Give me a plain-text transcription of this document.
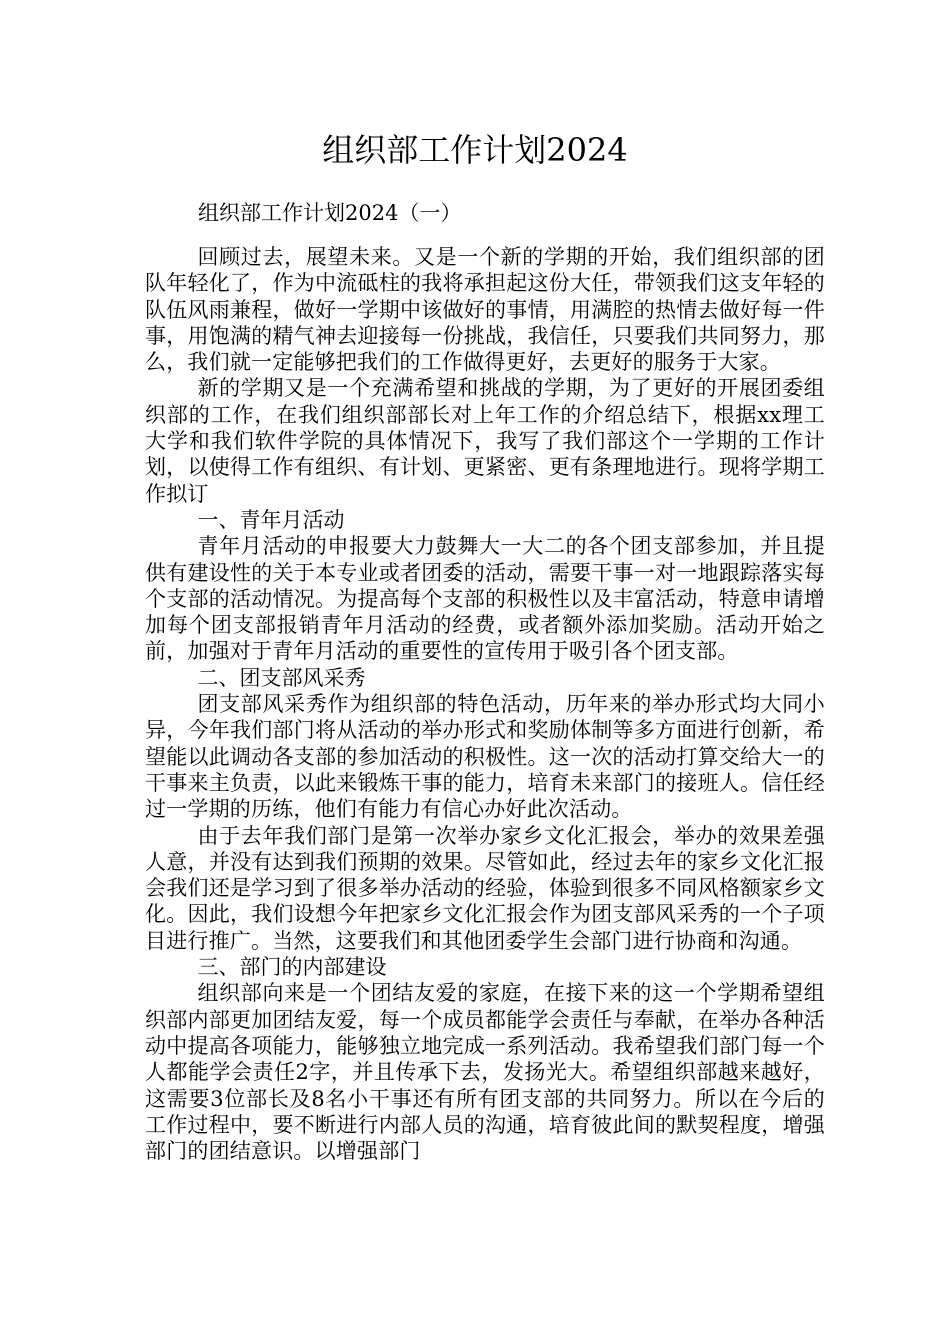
组织部工作计划2024

组织部工作计划2024（一）

回顾过去，展望未来。又是一个新的学期的开始，我们组织部的团队年轻化了，作为中流砥柱的我将承担起这份大任，带领我们这支年轻的队伍风雨兼程，做好一学期中该做好的事情，用满腔的热情去做好每一件事，用饱满的精气神去迎接每一份挑战，我信任，只要我们共同努力，那么，我们就一定能够把我们的工作做得更好，去更好的服务于大家。

新的学期又是一个充满希望和挑战的学期，为了更好的开展团委组织部的工作，在我们组织部部长对上年工作的介绍总结下，根据xx理工大学和我们软件学院的具体情况下，我写了我们部这个一学期的工作计划，以使得工作有组织、有计划、更紧密、更有条理地进行。现将学期工作拟订

一、青年月活动

青年月活动的申报要大力鼓舞大一大二的各个团支部参加，并且提供有建设性的关于本专业或者团委的活动，需要干事一对一地跟踪落实每个支部的活动情况。为提高每个支部的积极性以及丰富活动，特意申请增加每个团支部报销青年月活动的经费，或者额外添加奖励。活动开始之前，加强对于青年月活动的重要性的宣传用于吸引各个团支部。

二、团支部风采秀

团支部风采秀作为组织部的特色活动，历年来的举办形式均大同小异，今年我们部门将从活动的举办形式和奖励体制等多方面进行创新，希望能以此调动各支部的参加活动的积极性。这一次的活动打算交给大一的干事来主负责，以此来锻炼干事的能力，培育未来部门的接班人。信任经过一学期的历练，他们有能力有信心办好此次活动。

由于去年我们部门是第一次举办家乡文化汇报会，举办的效果差强人意，并没有达到我们预期的效果。尽管如此，经过去年的家乡文化汇报会我们还是学习到了很多举办活动的经验，体验到很多不同风格额家乡文化。因此，我们设想今年把家乡文化汇报会作为团支部风采秀的一个子项目进行推广。当然，这要我们和其他团委学生会部门进行协商和沟通。

三、部门的内部建设

组织部向来是一个团结友爱的家庭，在接下来的这一个学期希望组织部内部更加团结友爱，每一个成员都能学会责任与奉献，在举办各种活动中提高各项能力，能够独立地完成一系列活动。我希望我们部门每一个人都能学会责任2字，并且传承下去，发扬光大。希望组织部越来越好，这需要3位部长及8名小干事还有所有团支部的共同努力。所以在今后的工作过程中，要不断进行内部人员的沟通，培育彼此间的默契程度，增强部门的团结意识。以增强部门
